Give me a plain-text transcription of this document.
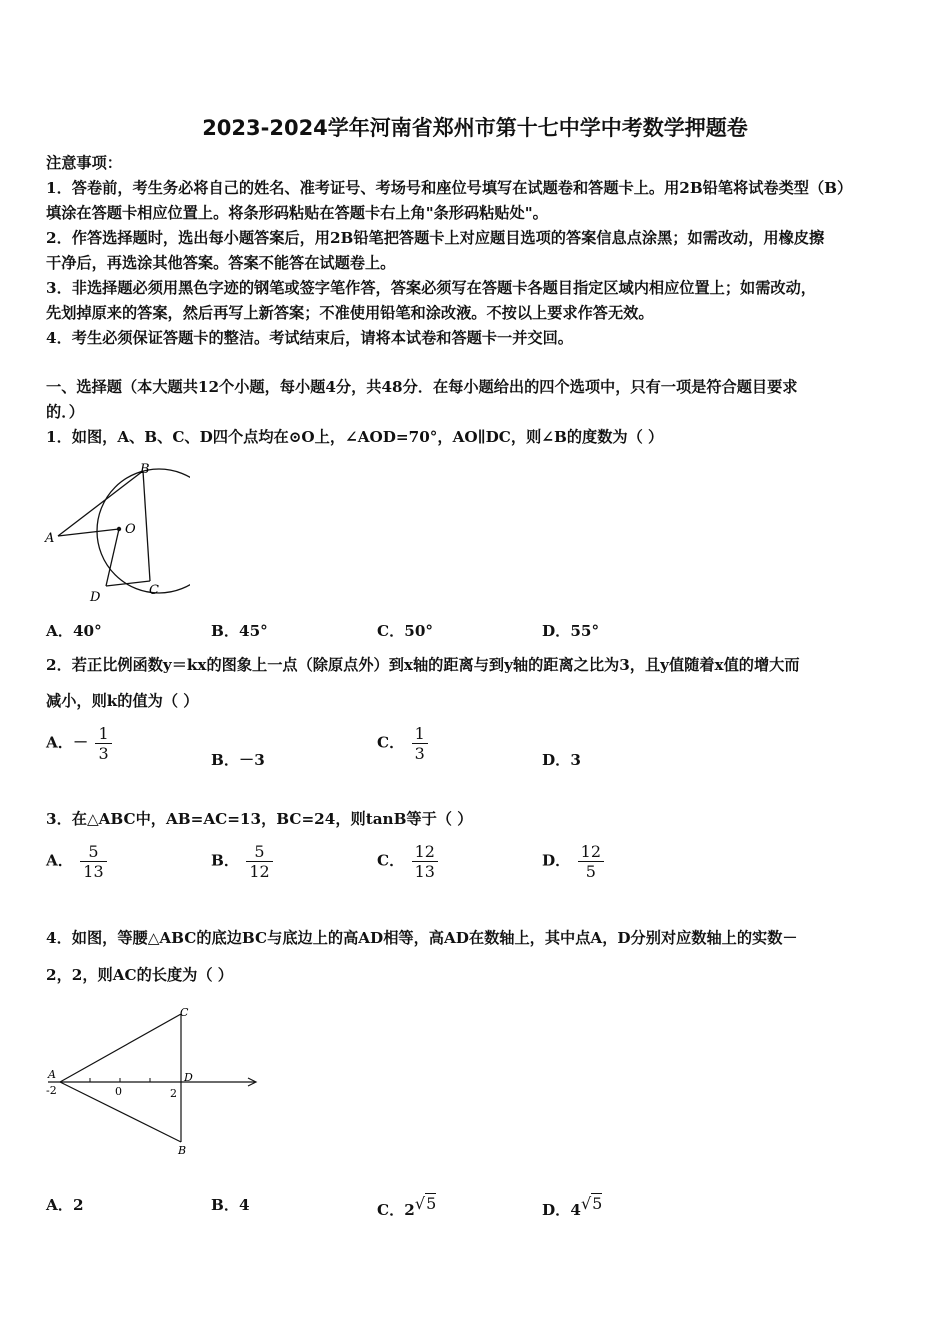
2023-2024学年河南省郑州市第十七中学中考数学押题卷
注意事项：
1．答卷前，考生务必将自己的姓名、准考证号、考场号和座位号填写在试题卷和答题卡上。用2B铅笔将试卷类型（B）
填涂在答题卡相应位置上。将条形码粘贴在答题卡右上角"条形码粘贴处"。
2．作答选择题时，选出每小题答案后，用2B铅笔把答题卡上对应题目选项的答案信息点涂黑；如需改动，用橡皮擦
干净后，再选涂其他答案。答案不能答在试题卷上。
3．非选择题必须用黑色字迹的钢笔或签字笔作答，答案必须写在答题卡各题目指定区域内相应位置上；如需改动，
先划掉原来的答案，然后再写上新答案；不准使用铅笔和涂改液。不按以上要求作答无效。
4．考生必须保证答题卡的整洁。考试结束后，请将本试卷和答题卡一并交回。
一、选择题（本大题共12个小题，每小题4分，共48分．在每小题给出的四个选项中，只有一项是符合题目要求
的．）
1．如图，A、B、C、D四个点均在⊙O上，∠AOD=70°，AO∥DC，则∠B的度数为（ ）
A
B
O
C
D
A．40°	B．45°	C．50°	D．55°
2．若正比例函数y＝kx的图象上一点（除原点外）到x轴的距离与到y轴的距离之比为3，且y值随着x值的增大而
减小，则k的值为（ ）
A．－ $\frac{1}{3}$	B．－3
C． $\frac{1}{3}$	D．3
3．在△ABC中，AB=AC=13，BC=24，则tanB等于（ ）
A． $\frac{5}{13}$	B． $\frac{5}{12}$	C． $\frac{12}{13}$	D． $\frac{12}{5}$
4．如图，等腰△ABC的底边BC与底边上的高AD相等，高AD在数轴上，其中点A，D分别对应数轴上的实数－
2，2，则AC的长度为（ ）
A
-2	0	2
D
C
B
A．2	B．4	C．$2^{√5}$	D．$4^{√5}$
